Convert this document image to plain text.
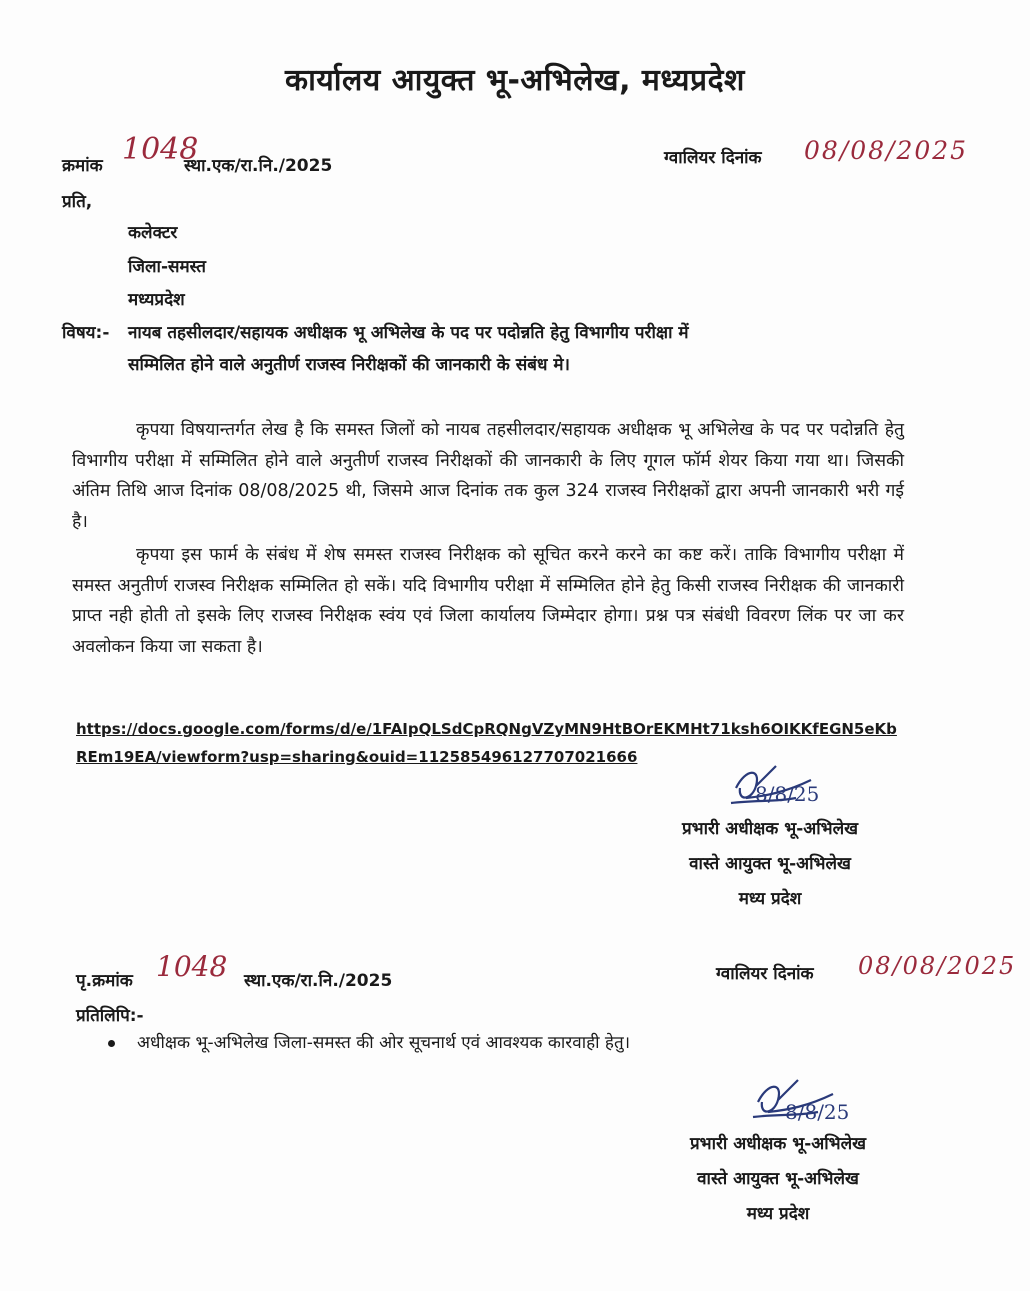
कार्यालय आयुक्त भू-अभिलेख, मध्यप्रदेश
क्रमांक 1048
स्था.एक/रा.नि./2025	ग्वालियर दिनांक 08/08/2025
प्रति,
कलेक्टर
जिला-समस्त
मध्यप्रदेश
विषय:- नायब तहसीलदार/सहायक अधीक्षक भू अभिलेख के पद पर पदोन्नति हेतु विभागीय परीक्षा में
सम्मिलित होने वाले अनुतीर्ण राजस्व निरीक्षकों की जानकारी के संबंध मे।
कृपया विषयान्तर्गत लेख है कि समस्त जिलों को नायब तहसीलदार/सहायक अधीक्षक भू अभिलेख के पद पर पदोन्नति हेतु विभागीय परीक्षा में सम्मिलित होने वाले अनुतीर्ण राजस्व निरीक्षकों की जानकारी के लिए गूगल फॉर्म शेयर किया गया था। जिसकी अंतिम तिथि आज दिनांक 08/08/2025 थी, जिसमे आज दिनांक तक कुल 324 राजस्व निरीक्षकों द्वारा अपनी जानकारी भरी गई है।
कृपया इस फार्म के संबंध में शेष समस्त राजस्व निरीक्षक को सूचित करने करने का कष्ट करें। ताकि विभागीय परीक्षा में समस्त अनुतीर्ण राजस्व निरीक्षक सम्मिलित हो सकें। यदि विभागीय परीक्षा में सम्मिलित होने हेतु किसी राजस्व निरीक्षक की जानकारी प्राप्त नही होती तो इसके लिए राजस्व निरीक्षक स्वंय एवं जिला कार्यालय जिम्मेदार होगा। प्रश्न पत्र संबंधी विवरण लिंक पर जा कर अवलोकन किया जा सकता है।
https://docs.google.com/forms/d/e/1FAIpQLSdCpRQNgVZyMN9HtBOrEKMHt71ksh6OIKKfEGN5eKbREm19EA/viewform?usp=sharing&ouid=112585496127707021666
8/8/25
प्रभारी अधीक्षक भू-अभिलेख
वास्ते आयुक्त भू-अभिलेख
मध्य प्रदेश
पृ.क्रमांक 1048 स्था.एक/रा.नि./2025	ग्वालियर दिनांक 08/08/2025
प्रतिलिपि:-
अधीक्षक भू-अभिलेख जिला-समस्त की ओर सूचनार्थ एवं आवश्यक कारवाही हेतु।
8/8/25
प्रभारी अधीक्षक भू-अभिलेख
वास्ते आयुक्त भू-अभिलेख
मध्य प्रदेश
